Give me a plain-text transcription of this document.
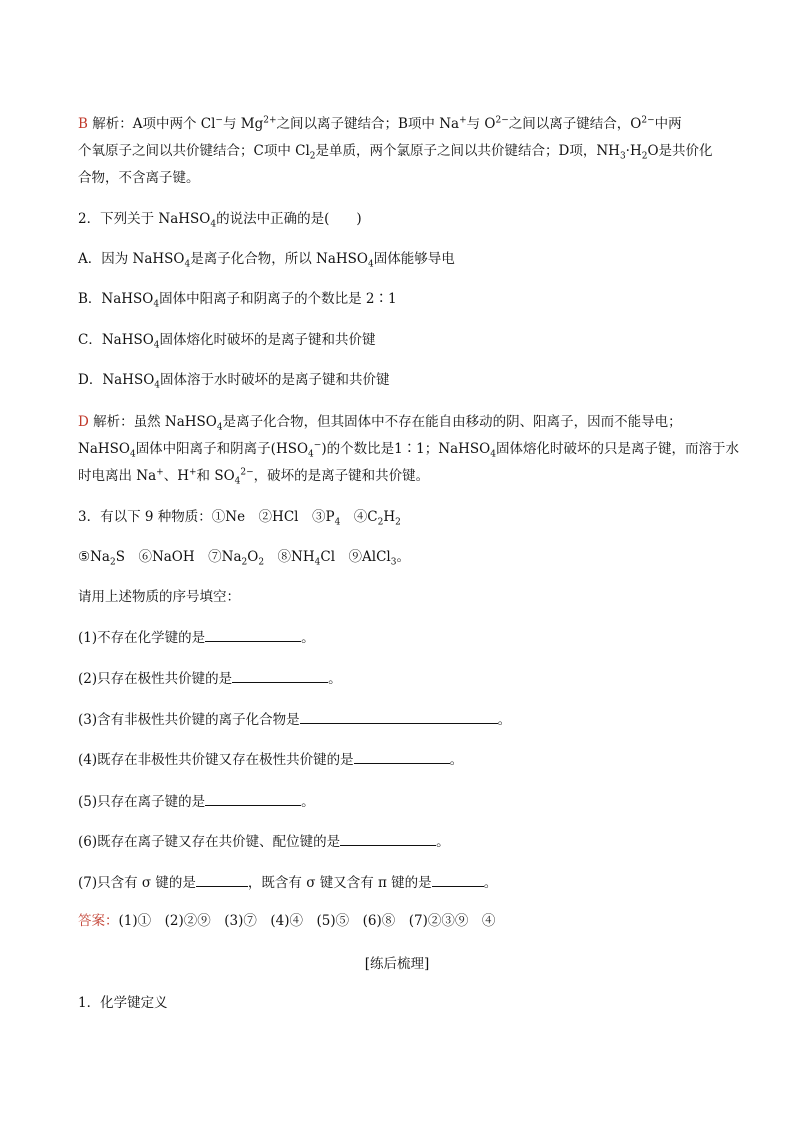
B 解析：A项中两个 Cl−与 $Mg^{2+}$之间以离子键结合；B项中 Na+与 $O^{2-}$之间以离子键结合，$O^{2-}$中两
个氧原子之间以共价键结合；C项中 $Cl_2$是单质，两个氯原子之间以共价键结合；D项，$NH_3\cdot H_2O$是共价化
合物，不含离子键。
2．下列关于 NaHSO$_4$的说法中正确的是(　　)
A．因为 NaHSO$_4$是离子化合物，所以 NaHSO$_4$固体能够导电
B．NaHSO$_4$固体中阳离子和阴离子的个数比是 2∶1
C．NaHSO$_4$固体熔化时破坏的是离子键和共价键
D．NaHSO$_4$固体溶于水时破坏的是离子键和共价键
D 解析：虽然 NaHSO$_4$是离子化合物，但其固体中不存在能自由移动的阴、阳离子，因而不能导电；
NaHSO$_4$固体中阳离子和阴离子$(HSO_4^-)$的个数比是1∶1；NaHSO$_4$固体熔化时破坏的只是离子键，而溶于水
时电离出 Na+、H+和 $SO_4^{2-}$，破坏的是离子键和共价键。
3．有以下 9 种物质：①Ne　②HCl　$③P_4$　$④C_2H_2$
$⑤Na_2S$　⑥NaOH　$⑦Na_2O_2$　$⑧NH_4Cl$　⑨AlCl$_3$。
请用上述物质的序号填空：
(1)不存在化学键的是	。
(2)只存在极性共价键的是	。
(3)含有非极性共价键的离子化合物是	。
(4)既存在非极性共价键又存在极性共价键的是	。
(5)只存在离子键的是	。
(6)既存在离子键又存在共价键、配位键的是	。
(7)只含有 σ 键的是	，既含有 σ 键又含有 π 键的是	。
答案：(1)①　(2)②⑨　(3)⑦　(4)④　(5)⑤　(6)⑧　(7)②③⑨　④
[练后梳理]
1．化学键定义
